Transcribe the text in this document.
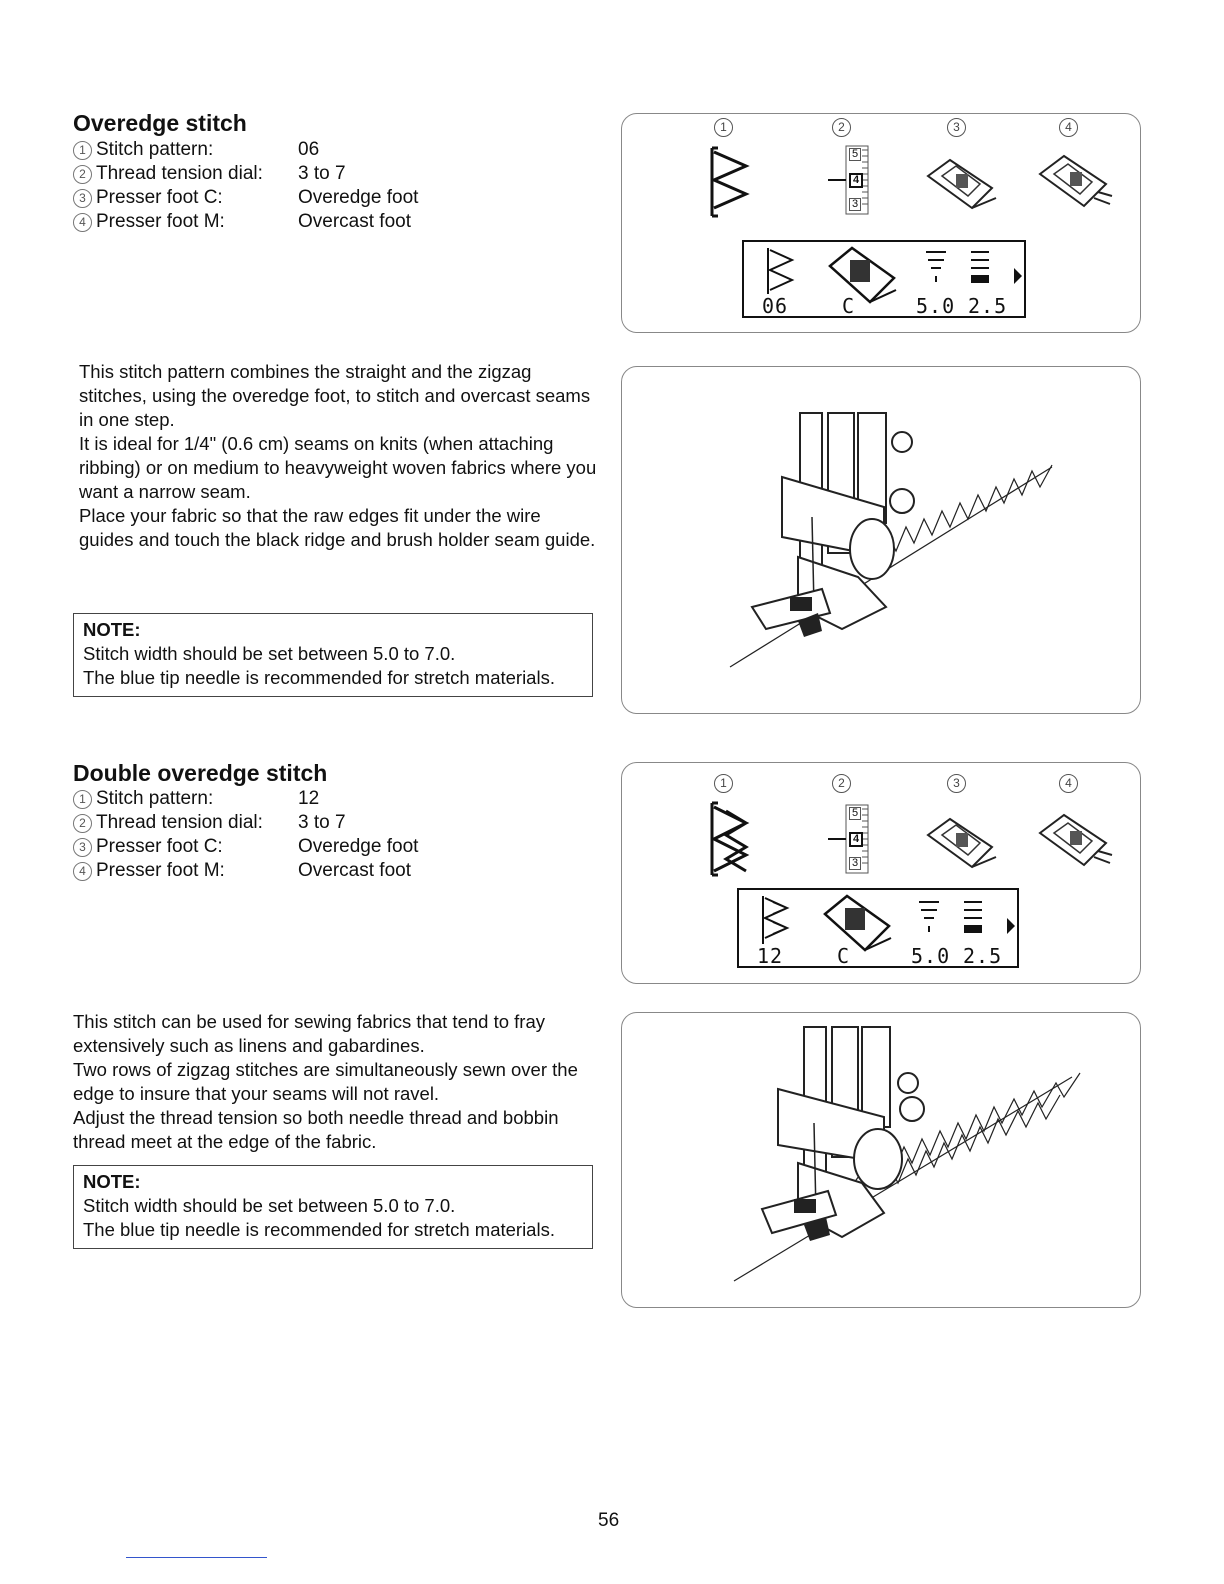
Overedge stitch
1 Stitch pattern:	06
2 Thread tension dial: 3 to 7
3 Presser foot C:	Overedge foot
4 Presser foot M:	Overcast foot

This stitch pattern combines the straight and the zigzag stitches, using the overedge foot, to stitch and overcast seams in one step.

It is ideal for 1/4" (0.6 cm) seams on knits (when attaching ribbing) or on medium to heavyweight woven fabrics where you want a narrow seam.

Place your fabric so that the raw edges fit under the wire guides and touch the black ridge and brush holder seam guide.

NOTE:
Stitch width should be set between 5.0 to 7.0.
The blue tip needle is recommended for stretch materials.
1	2	3	4
5
4
3
06	C	5.0 2.5
Double overedge stitch
1 Stitch pattern:	12
2 Thread tension dial: 3 to 7
3 Presser foot C:	Overedge foot
4 Presser foot M:	Overcast foot

This stitch can be used for sewing fabrics that tend to fray extensively such as linens and gabardines.

Two rows of zigzag stitches are simultaneously sewn over the edge to insure that your seams will not ravel.

Adjust the thread tension so both needle thread and bobbin thread meet at the edge of the fabric.

NOTE:
Stitch width should be set between 5.0 to 7.0.
The blue tip needle is recommended for stretch materials.
1	2	3	4
5
4
3
12	C	5.0 2.5
56
